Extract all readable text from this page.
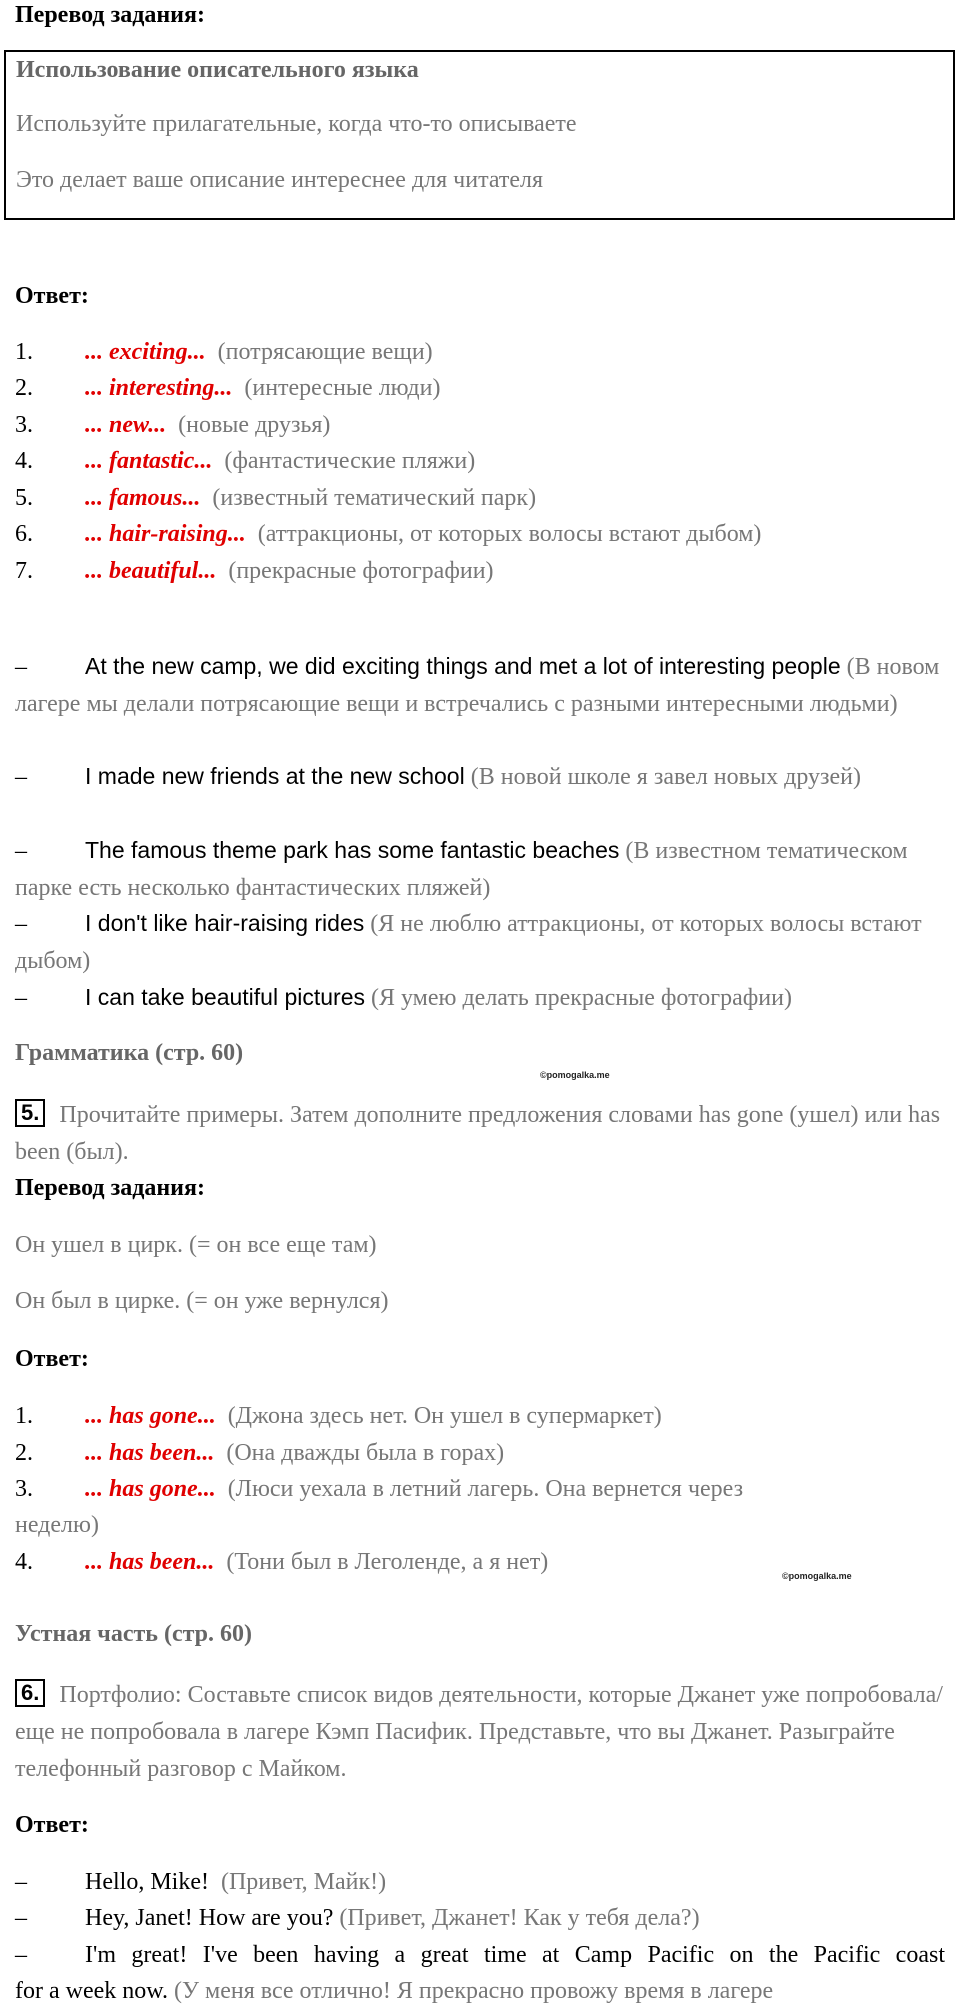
Перевод задания:
Использование описательного языка
Используйте прилагательные, когда что-то описываете
Это делает ваше описание интереснее для читателя
Ответ:
1. ... exciting... (потрясающие вещи)
2. ... interesting... (интересные люди)
3. ... new... (новые друзья)
4. ... fantastic... (фантастические пляжи)
5. ... famous... (известный тематический парк)
6. ... hair-raising... (аттракционы, от которых волосы встают дыбом)
7. ... beautiful... (прекрасные фотографии)
–	At the new camp, we did exciting things and met a lot of interesting people (В новом лагере мы делали потрясающие вещи и встречались с разными интересными людьми)
–	I made new friends at the new school (В новой школе я завел новых друзей)
–	The famous theme park has some fantastic beaches (В известном тематическом парке есть несколько фантастических пляжей)
–	I don't like hair-raising rides (Я не люблю аттракционы, от которых волосы встают дыбом)
–	I can take beautiful pictures (Я умею делать прекрасные фотографии)
Грамматика (стр. 60)
©pomogalka.me
5. Прочитайте примеры. Затем дополните предложения словами has gone (ушел) или has been (был).
Перевод задания:
Он ушел в цирк. (= он все еще там)
Он был в цирке. (= он уже вернулся)
Ответ:
1. ... has gone... (Джона здесь нет. Он ушел в супермаркет)
2. ... has been... (Она дважды была в горах)
3. ... has gone... (Люси уехала в летний лагерь. Она вернется через
неделю)
4. ... has been... (Тони был в Леголенде, а я нет)
©pomogalka.me
Устная часть (стр. 60)
6. Портфолио: Составьте список видов деятельности, которые Джанет уже попробовала/еще не попробовала в лагере Кэмп Пасифик. Представьте, что вы Джанет. Разыграйте телефонный разговор с Майком.
Ответ:
– Hello, Mike! (Привет, Майк!)
– Hey, Janet! How are you? (Привет, Джанет! Как у тебя дела?)
– I'm great! I've been having a great time at Camp Pacific on the Pacific coast
for a week now. (У меня все отлично! Я прекрасно провожу время в лагере
